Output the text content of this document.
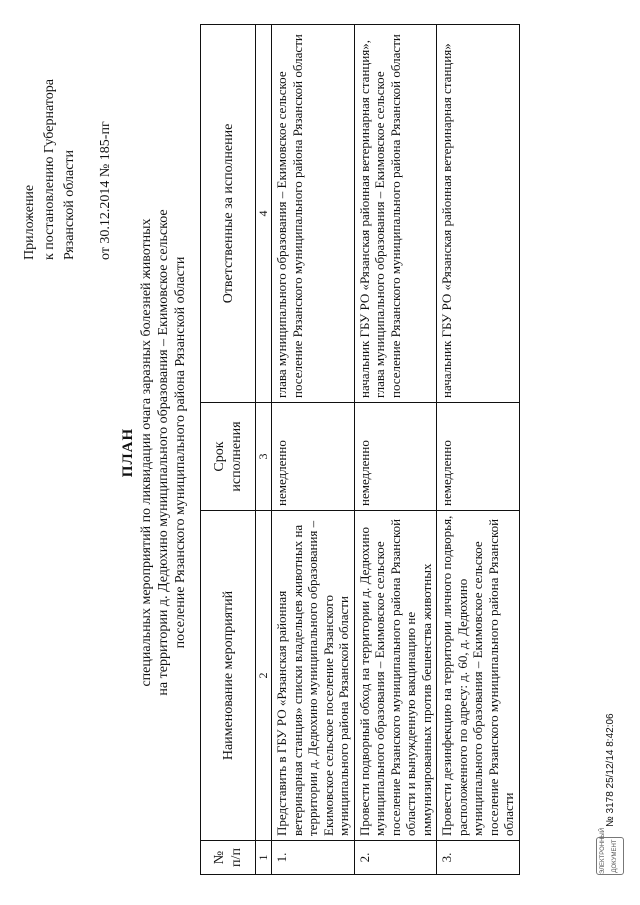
Приложение к постановлению Губернатора Рязанской области от 30.12.2014 № 185-пг
ПЛАН специальных мероприятий по ликвидации очага заразных болезней животных на территории д. Дедюхино муниципального образования – Екимовское сельское поселение Рязанского муниципального района Рязанской области
№ п/п	Наименование мероприятий	Срок исполнения	Ответственные за исполнение
1	2	3	4
1.	Представить в ГБУ РО «Рязанская районная ветеринарная станция» списки владельцев животных на территории д. Дедюхино муниципального образования – Екимовское сельское поселение Рязанского муниципального района Рязанской области	немедленно	глава муниципального образования – Екимовское сельское поселение Рязанского муниципального района Рязанской области
2.	Провести подворный обход на территории д. Дедюхино муниципального образования – Екимовское сельское поселение Рязанского муниципального района Рязанской области и вынужденную вакцинацию не иммунизированных против бешенства животных	немедленно	начальник ГБУ РО «Рязанская районная ветеринарная станция», глава муниципального образования – Екимовское сельское поселение Рязанского муниципального района Рязанской области
3.	Провести дезинфекцию на территории личного подворья, расположенного по адресу: д. 60, д. Дедюхино муниципального образования – Екимовское сельское поселение Рязанского муниципального района Рязанской области	немедленно	начальник ГБУ РО «Рязанская районная ветеринарная станция»
ЭЛЕКТРОННЫЙ ДОКУМЕНТ
№ 3178 25/12/14 8:42:06
